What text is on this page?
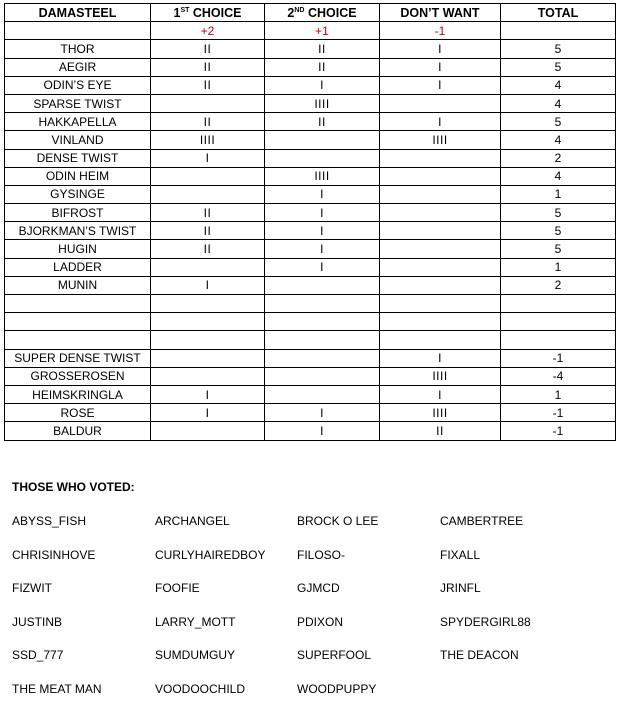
DAMASTEEL	1ST CHOICE	2ND CHOICE	DON’T WANT	TOTAL
	+2	+1	-1	
THOR	II	II	I	5
AEGIR	II	II	I	5
ODIN’S EYE	II	I	I	4
SPARSE TWIST		IIII		4
HAKKAPELLA	II	II	I	5
VINLAND	IIII		IIII	4
DENSE TWIST	I			2
ODIN HEIM		IIII		4
GYSINGE		I		1
BIFROST	II	I		5
BJORKMAN’S TWIST	II	I		5
HUGIN	II	I		5
LADDER		I		1
MUNIN	I			2

SUPER DENSE TWIST			I	-1
GROSSEROSEN			IIII	-4
HEIMSKRINGLA	I		I	1
ROSE	I	I	IIII	-1
BALDUR		I	II	-1
THOSE WHO VOTED:
ABYSS_FISH	ARCHANGEL	BROCK O LEE	CAMBERTREE
CHRISINHOVE	CURLYHAIREDBOY	FILOSO-	FIXALL
FIZWIT	FOOFIE	GJMCD	JRINFL
JUSTINB	LARRY_MOTT	PDIXON	SPYDERGIRL88
SSD_777	SUMDUMGUY	SUPERFOOL	THE DEACON
THE MEAT MAN	VOODOOCHILD	WOODPUPPY
